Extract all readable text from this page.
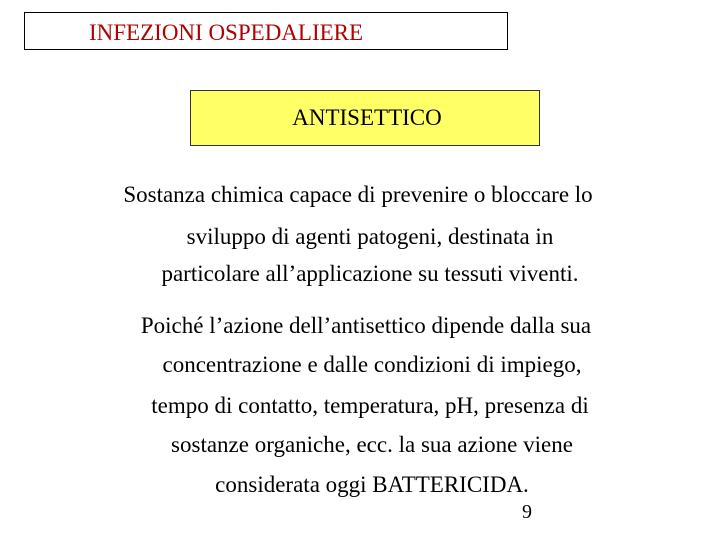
INFEZIONI OSPEDALIERE
ANTISETTICO
Sostanza chimica capace di prevenire o bloccare lo
sviluppo di agenti patogeni, destinata in
particolare all’applicazione su tessuti viventi.
Poiché l’azione dell’antisettico dipende dalla sua
concentrazione e dalle condizioni di impiego,
tempo di contatto, temperatura, pH, presenza di
sostanze organiche, ecc. la sua azione viene
considerata oggi BATTERICIDA.
9
